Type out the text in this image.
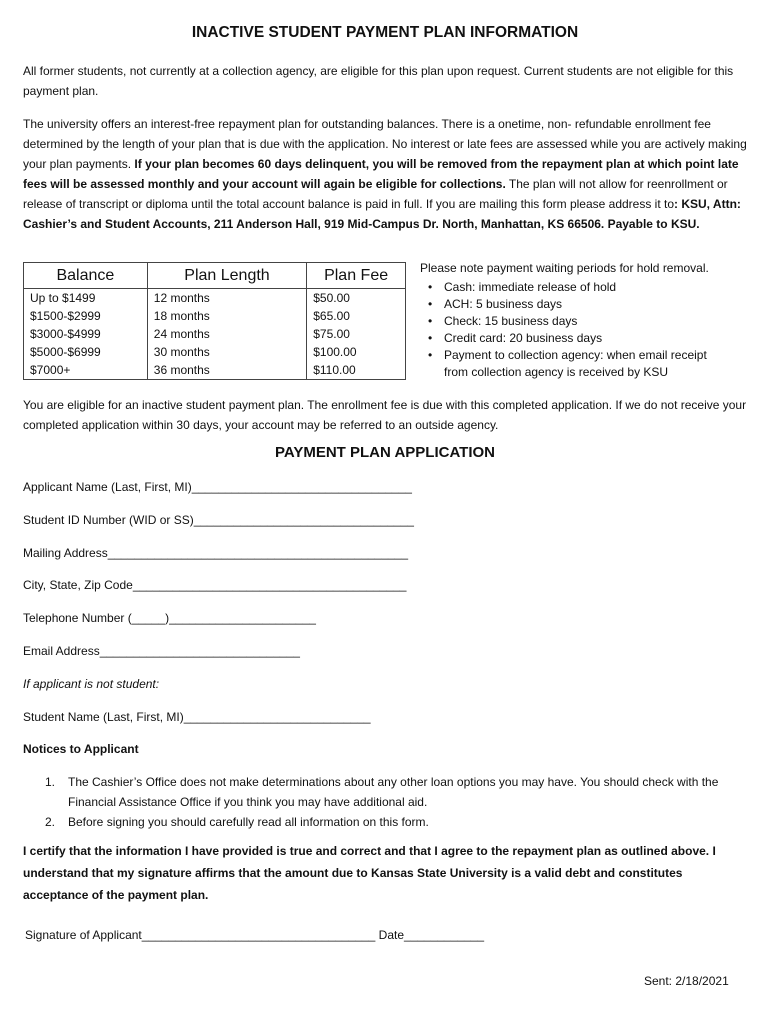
INACTIVE STUDENT PAYMENT PLAN INFORMATION

All former students, not currently at a collection agency, are eligible for this plan upon request. Current students are not eligible for this payment plan.

The university offers an interest-free repayment plan for outstanding balances. There is a onetime, non- refundable enrollment fee determined by the length of your plan that is due with the application. No interest or late fees are assessed while you are actively making your plan payments. If your plan becomes 60 days delinquent, you will be removed from the repayment plan at which point late fees will be assessed monthly and your account will again be eligible for collections. The plan will not allow for reenrollment or release of transcript or diploma until the total account balance is paid in full. If you are mailing this form please address it to: KSU, Attn: Cashier’s and Student Accounts, 211 Anderson Hall, 919 Mid-Campus Dr. North, Manhattan, KS 66506. Payable to KSU.

Balance	Plan Length	Plan Fee
Up to $1499	12 months	$50.00
$1500-$2999	18 months	$65.00
$3000-$4999	24 months	$75.00
$5000-$6999	30 months	$100.00
$7000+	36 months	$110.00
Please note payment waiting periods for hold removal.
• Cash: immediate release of hold
• ACH: 5 business days
• Check: 15 business days
• Credit card: 20 business days
• Payment to collection agency: when email receipt from collection agency is received by KSU

You are eligible for an inactive student payment plan. The enrollment fee is due with this completed application. If we do not receive your completed application within 30 days, your account may be referred to an outside agency.

PAYMENT PLAN APPLICATION
Applicant Name (Last, First, MI)_________________________________
Student ID Number (WID or SS)_________________________________
Mailing Address_____________________________________________
City, State, Zip Code_________________________________________
Telephone Number (_____)______________________
Email Address______________________________
If applicant is not student:
Student Name (Last, First, MI)____________________________
Notices to Applicant
1. The Cashier’s Office does not make determinations about any other loan options you may have. You should check with the Financial Assistance Office if you think you may have additional aid.
2. Before signing you should carefully read all information on this form.

I certify that the information I have provided is true and correct and that I agree to the repayment plan as outlined above. I understand that my signature affirms that the amount due to Kansas State University is a valid debt and constitutes acceptance of the payment plan.

Signature of Applicant___________________________________ Date____________
Sent: 2/18/2021
